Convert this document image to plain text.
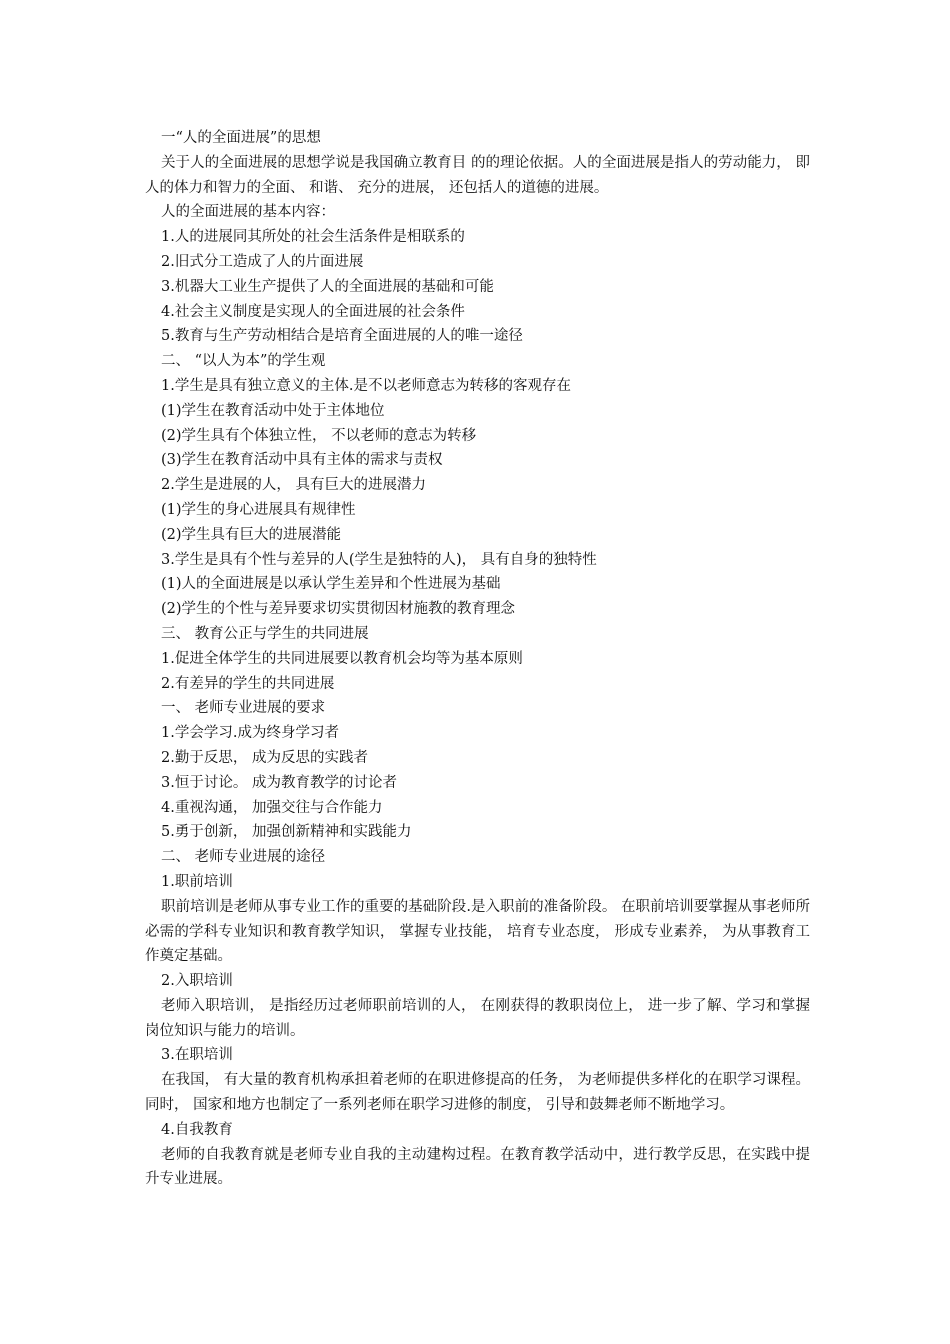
一“人的全面进展”的思想

关于人的全面进展的思想学说是我国确立教育目 的的理论依据。人的全面进展是指人的劳动能力， 即人的体力和智力的全面、 和谐、 充分的进展， 还包括人的道德的进展。

人的全面进展的基本内容：

1.人的进展同其所处的社会生活条件是相联系的

2.旧式分工造成了人的片面进展

3.机器大工业生产提供了人的全面进展的基础和可能

4.社会主义制度是实现人的全面进展的社会条件

5.教育与生产劳动相结合是培育全面进展的人的唯一途径

二、 “以人为本”的学生观

1.学生是具有独立意义的主体.是不以老师意志为转移的客观存在

(1)学生在教育活动中处于主体地位

(2)学生具有个体独立性， 不以老师的意志为转移

(3)学生在教育活动中具有主体的需求与责权

2.学生是进展的人， 具有巨大的进展潜力

(1)学生的身心进展具有规律性

(2)学生具有巨大的进展潜能

3.学生是具有个性与差异的人(学生是独特的人)， 具有自身的独特性

(1)人的全面进展是以承认学生差异和个性进展为基础

(2)学生的个性与差异要求切实贯彻因材施教的教育理念

三、 教育公正与学生的共同进展

1.促进全体学生的共同进展要以教育机会均等为基本原则

2.有差异的学生的共同进展

一、 老师专业进展的要求

1.学会学习.成为终身学习者

2.勤于反思， 成为反思的实践者

3.恒于讨论。 成为教育教学的讨论者

4.重视沟通， 加强交往与合作能力

5.勇于创新， 加强创新精神和实践能力

二、 老师专业进展的途径

1.职前培训

职前培训是老师从事专业工作的重要的基础阶段.是入职前的准备阶段。 在职前培训要掌握从事老师所必需的学科专业知识和教育教学知识， 掌握专业技能， 培育专业态度， 形成专业素养， 为从事教育工作奠定基础。

2.入职培训

老师入职培训， 是指经历过老师职前培训的人， 在刚获得的教职岗位上， 进一步了解、学习和掌握岗位知识与能力的培训。

3.在职培训

在我国， 有大量的教育机构承担着老师的在职进修提高的任务， 为老师提供多样化的在职学习课程。 同时， 国家和地方也制定了一系列老师在职学习进修的制度， 引导和鼓舞老师不断地学习。

4.自我教育

老师的自我教育就是老师专业自我的主动建构过程。在教育教学活动中，进行教学反思，在实践中提升专业进展。
